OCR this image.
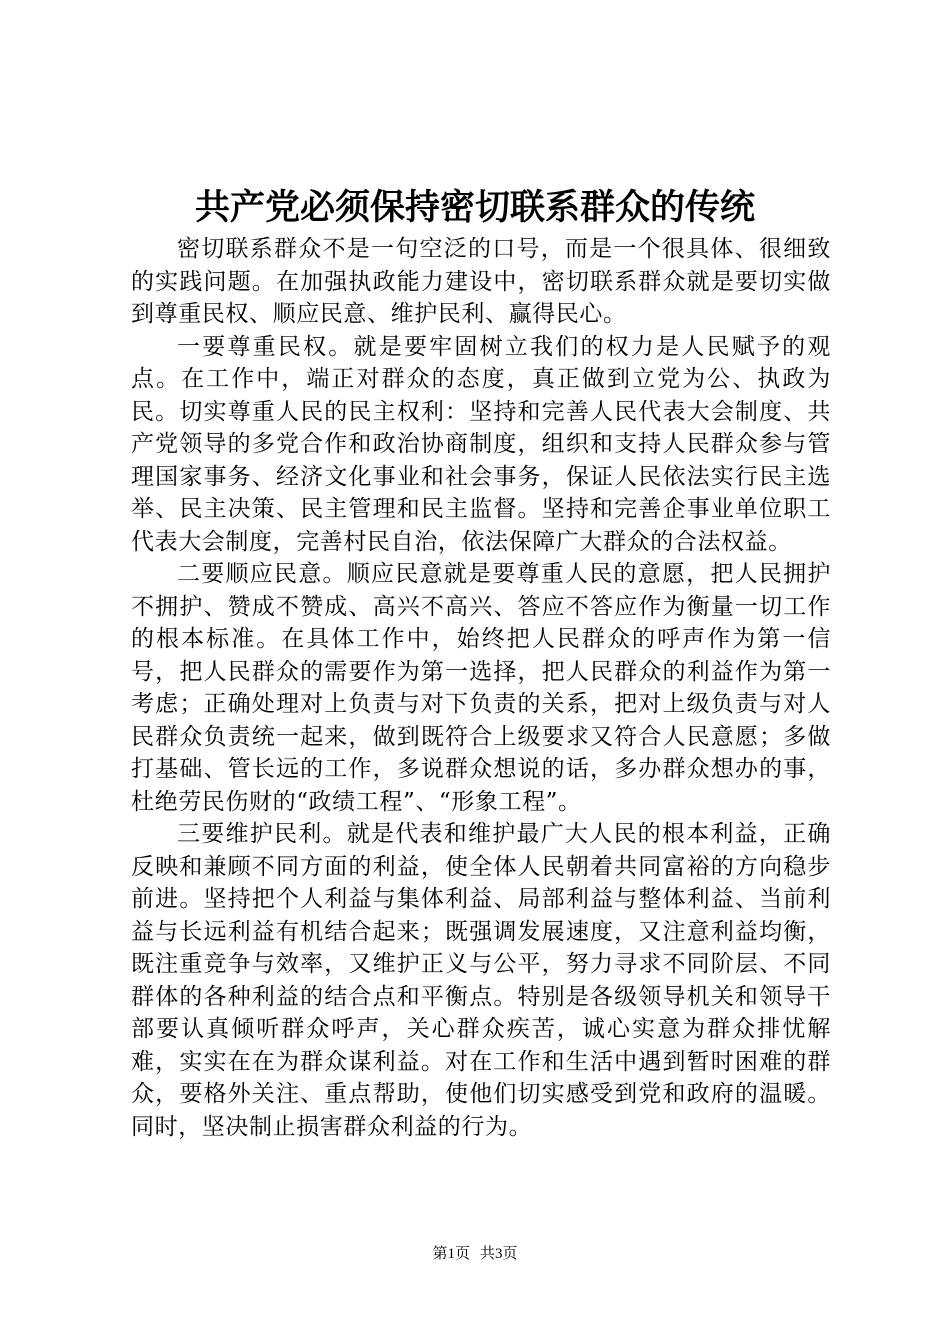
共产党必须保持密切联系群众的传统

密切联系群众不是一句空泛的口号，而是一个很具体、很细致的实践问题。在加强执政能力建设中，密切联系群众就是要切实做到尊重民权、顺应民意、维护民利、赢得民心。

一要尊重民权。就是要牢固树立我们的权力是人民赋予的观点。在工作中，端正对群众的态度，真正做到立党为公、执政为民。切实尊重人民的民主权利：坚持和完善人民代表大会制度、共产党领导的多党合作和政治协商制度，组织和支持人民群众参与管理国家事务、经济文化事业和社会事务，保证人民依法实行民主选举、民主决策、民主管理和民主监督。坚持和完善企事业单位职工代表大会制度，完善村民自治，依法保障广大群众的合法权益。

二要顺应民意。顺应民意就是要尊重人民的意愿，把人民拥护不拥护、赞成不赞成、高兴不高兴、答应不答应作为衡量一切工作的根本标准。在具体工作中，始终把人民群众的呼声作为第一信号，把人民群众的需要作为第一选择，把人民群众的利益作为第一考虑；正确处理对上负责与对下负责的关系，把对上级负责与对人民群众负责统一起来，做到既符合上级要求又符合人民意愿；多做打基础、管长远的工作，多说群众想说的话，多办群众想办的事，杜绝劳民伤财的“政绩工程”、“形象工程”。

三要维护民利。就是代表和维护最广大人民的根本利益，正确反映和兼顾不同方面的利益，使全体人民朝着共同富裕的方向稳步前进。坚持把个人利益与集体利益、局部利益与整体利益、当前利益与长远利益有机结合起来；既强调发展速度，又注意利益均衡，既注重竞争与效率，又维护正义与公平，努力寻求不同阶层、不同群体的各种利益的结合点和平衡点。特别是各级领导机关和领导干部要认真倾听群众呼声，关心群众疾苦，诚心实意为群众排忧解难，实实在在为群众谋利益。对在工作和生活中遇到暂时困难的群众，要格外关注、重点帮助，使他们切实感受到党和政府的温暖。同时，坚决制止损害群众利益的行为。

第1页 共3页
